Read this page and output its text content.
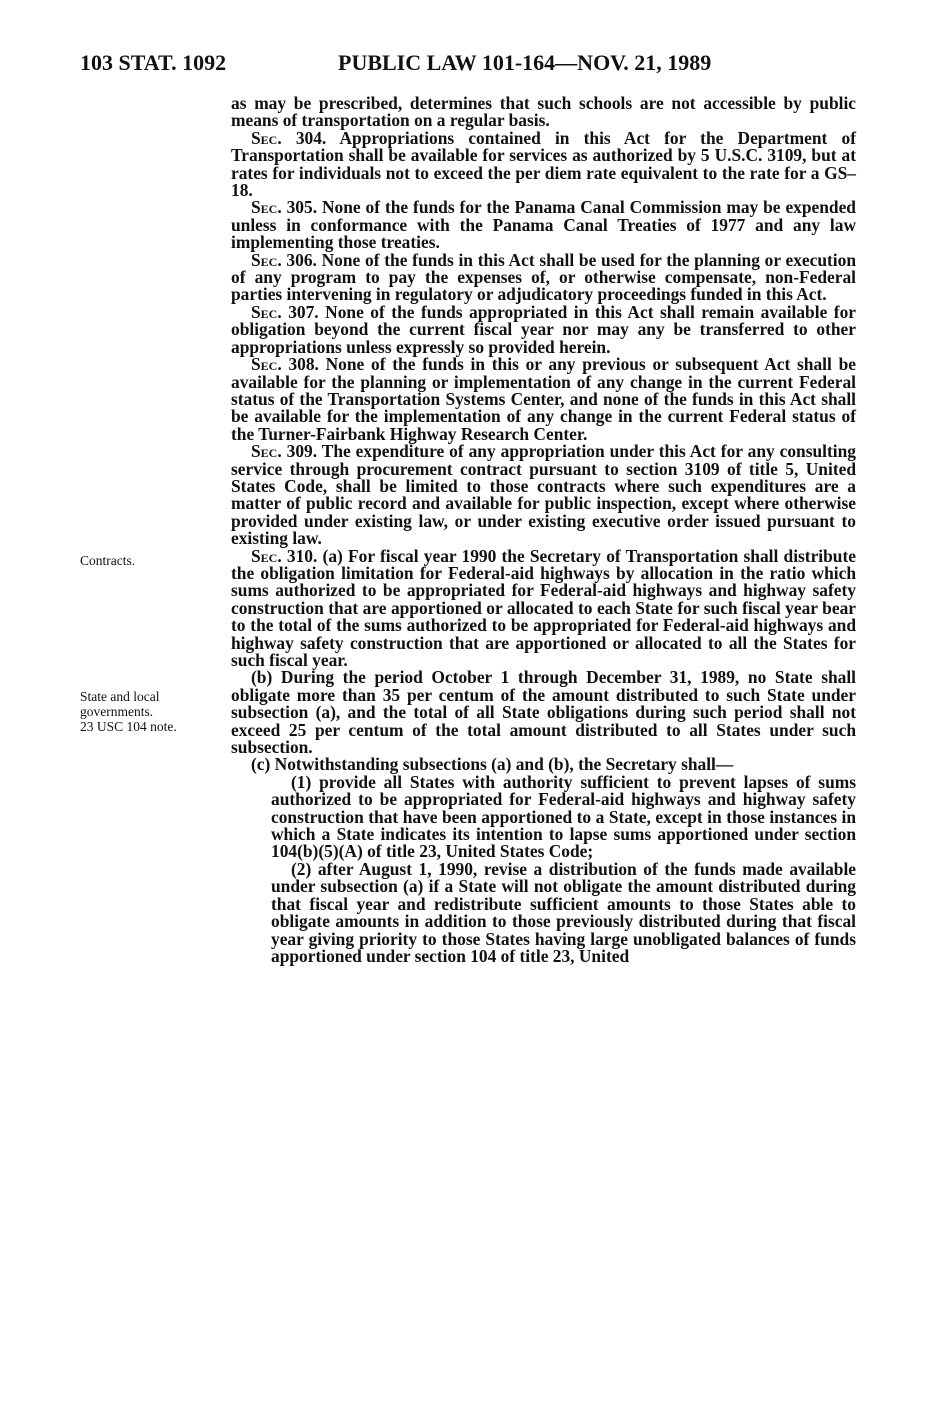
103 STAT. 1092	PUBLIC LAW 101-164—NOV. 21, 1989
Contracts.
State and local
governments.
23 USC 104 note.

as may be prescribed, determines that such schools are not accessible by public means of transportation on a regular basis.

Sec. 304. Appropriations contained in this Act for the Department of Transportation shall be available for services as authorized by 5 U.S.C. 3109, but at rates for individuals not to exceed the per diem rate equivalent to the rate for a GS–18.

Sec. 305. None of the funds for the Panama Canal Commission may be expended unless in conformance with the Panama Canal Treaties of 1977 and any law implementing those treaties.

Sec. 306. None of the funds in this Act shall be used for the planning or execution of any program to pay the expenses of, or otherwise compensate, non-Federal parties intervening in regulatory or adjudicatory proceedings funded in this Act.

Sec. 307. None of the funds appropriated in this Act shall remain available for obligation beyond the current fiscal year nor may any be transferred to other appropriations unless expressly so provided herein.

Sec. 308. None of the funds in this or any previous or subsequent Act shall be available for the planning or implementation of any change in the current Federal status of the Transportation Systems Center, and none of the funds in this Act shall be available for the implementation of any change in the current Federal status of the Turner-Fairbank Highway Research Center.

Sec. 309. The expenditure of any appropriation under this Act for any consulting service through procurement contract pursuant to section 3109 of title 5, United States Code, shall be limited to those contracts where such expenditures are a matter of public record and available for public inspection, except where otherwise provided under existing law, or under existing executive order issued pursuant to existing law.

Sec. 310. (a) For fiscal year 1990 the Secretary of Transportation shall distribute the obligation limitation for Federal-aid highways by allocation in the ratio which sums authorized to be appropriated for Federal-aid highways and highway safety construction that are apportioned or allocated to each State for such fiscal year bear to the total of the sums authorized to be appropriated for Federal-aid highways and highway safety construction that are apportioned or allocated to all the States for such fiscal year.

(b) During the period October 1 through December 31, 1989, no State shall obligate more than 35 per centum of the amount distributed to such State under subsection (a), and the total of all State obligations during such period shall not exceed 25 per centum of the total amount distributed to all States under such subsection.

(c) Notwithstanding subsections (a) and (b), the Secretary shall—

(1) provide all States with authority sufficient to prevent lapses of sums authorized to be appropriated for Federal-aid highways and highway safety construction that have been apportioned to a State, except in those instances in which a State indicates its intention to lapse sums apportioned under section 104(b)(5)(A) of title 23, United States Code;

(2) after August 1, 1990, revise a distribution of the funds made available under subsection (a) if a State will not obligate the amount distributed during that fiscal year and redistribute sufficient amounts to those States able to obligate amounts in addition to those previously distributed during that fiscal year giving priority to those States having large unobligated balances of funds apportioned under section 104 of title 23, United
